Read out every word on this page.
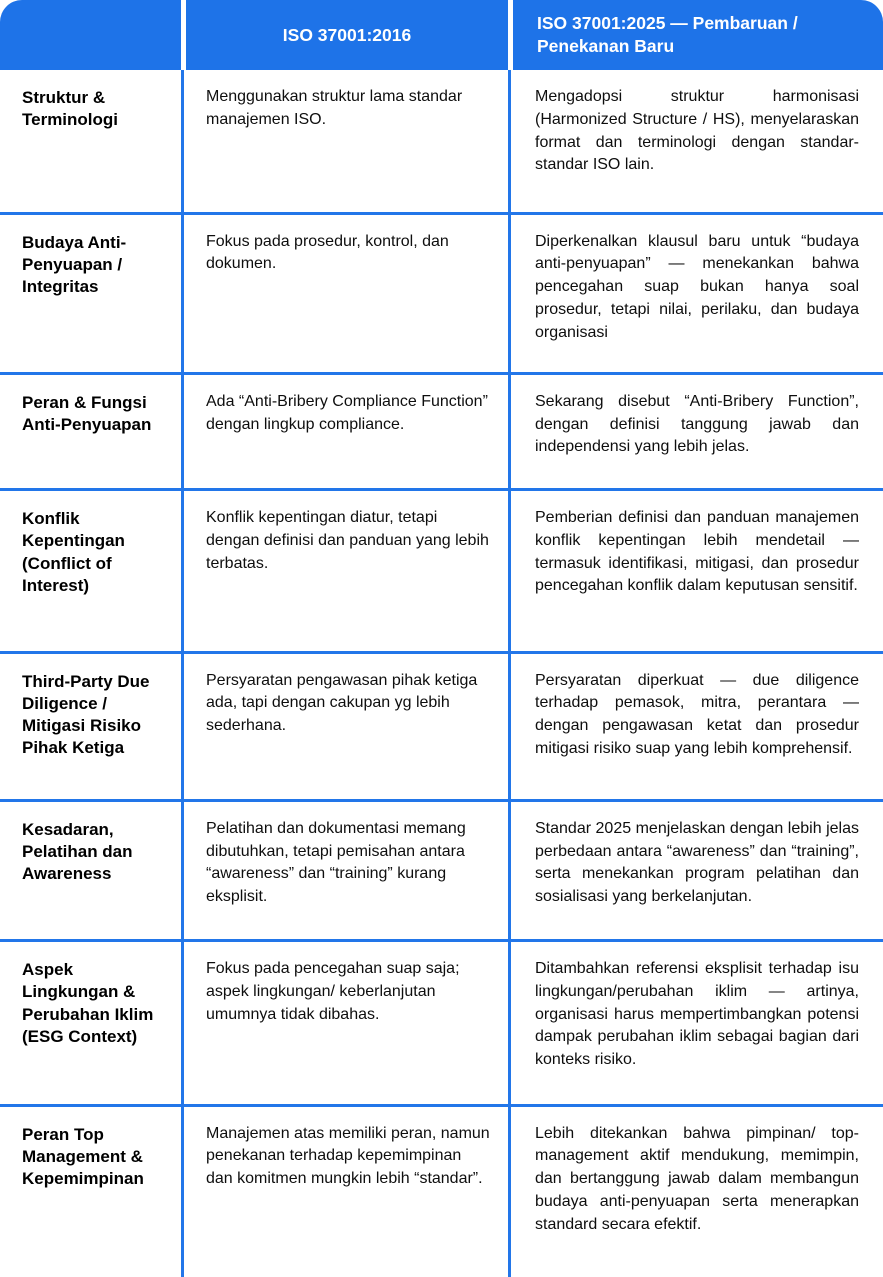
ISO 37001:2016
ISO 37001:2025 — Pembaruan / Penekanan Baru
Struktur & Terminologi
Menggunakan struktur lama standar manajemen ISO.
Mengadopsi struktur harmonisasi (Harmonized Structure / HS), menyelaraskan format dan terminologi dengan standar-standar ISO lain.
Budaya Anti-Penyuapan / Integritas
Fokus pada prosedur, kontrol, dan dokumen.
Diperkenalkan klausul baru untuk “budaya anti-penyuapan” — menekankan bahwa pencegahan suap bukan hanya soal prosedur, tetapi nilai, perilaku, dan budaya organisasi
Peran & Fungsi Anti-Penyuapan
Ada “Anti-Bribery Compliance Function” dengan lingkup compliance.
Sekarang disebut “Anti-Bribery Function”, dengan definisi tanggung jawab dan independensi yang lebih jelas.
Konflik Kepentingan (Conflict of Interest)
Konflik kepentingan diatur, tetapi dengan definisi dan panduan yang lebih terbatas.
Pemberian definisi dan panduan manajemen konflik kepentingan lebih mendetail — termasuk identifikasi, mitigasi, dan prosedur pencegahan konflik dalam keputusan sensitif.
Third-Party Due Diligence / Mitigasi Risiko Pihak Ketiga
Persyaratan pengawasan pihak ketiga ada, tapi dengan cakupan yg lebih sederhana.
Persyaratan diperkuat — due diligence terhadap pemasok, mitra, perantara — dengan pengawasan ketat dan prosedur mitigasi risiko suap yang lebih komprehensif.
Kesadaran, Pelatihan dan Awareness
Pelatihan dan dokumentasi memang dibutuhkan, tetapi pemisahan antara “awareness” dan “training” kurang eksplisit.
Standar 2025 menjelaskan dengan lebih jelas perbedaan antara “awareness” dan “training”, serta menekankan program pelatihan dan sosialisasi yang berkelanjutan.
Aspek Lingkungan & Perubahan Iklim (ESG Context)
Fokus pada pencegahan suap saja; aspek lingkungan/ keberlanjutan umumnya tidak dibahas.
Ditambahkan referensi eksplisit terhadap isu lingkungan/perubahan iklim — artinya, organisasi harus mempertimbangkan potensi dampak perubahan iklim sebagai bagian dari konteks risiko.
Peran Top Management & Kepemimpinan
Manajemen atas memiliki peran, namun penekanan terhadap kepemimpinan dan komitmen mungkin lebih “standar”.
Lebih ditekankan bahwa pimpinan/ top-management aktif mendukung, memimpin, dan bertanggung jawab dalam membangun budaya anti-penyuapan serta menerapkan standard secara efektif.
